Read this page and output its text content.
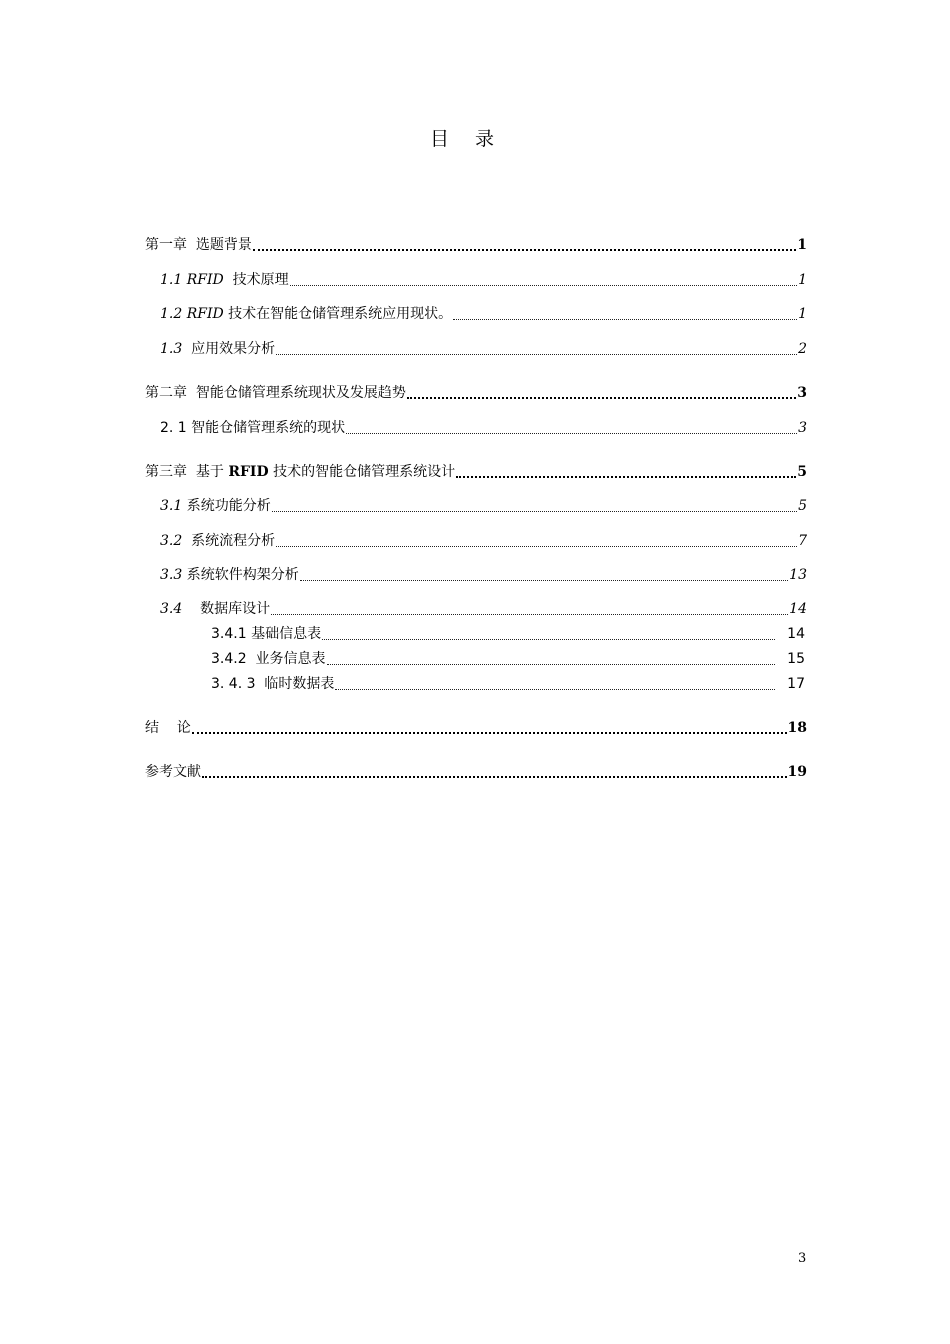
目录
第一章  选题背景	1
1.1 RFID 技术原理	1
1.2 RFID 技术在智能仓储管理系统应用现状。	1
1.3 应用效果分析	2
第二章  智能仓储管理系统现状及发展趋势	3
2. 1 智能仓储管理系统的现状	3
第三章  基于 RFID 技术的智能仓储管理系统设计	5
3.1 系统功能分析	5
3.2 系统流程分析	7
3.3 系统软件构架分析	13
3.4 数据库设计	14
3.4.1 基础信息表	14
3.4.2 业务信息表	15
3. 4. 3 临时数据表	17
结    论	18
参考文献	19
3
